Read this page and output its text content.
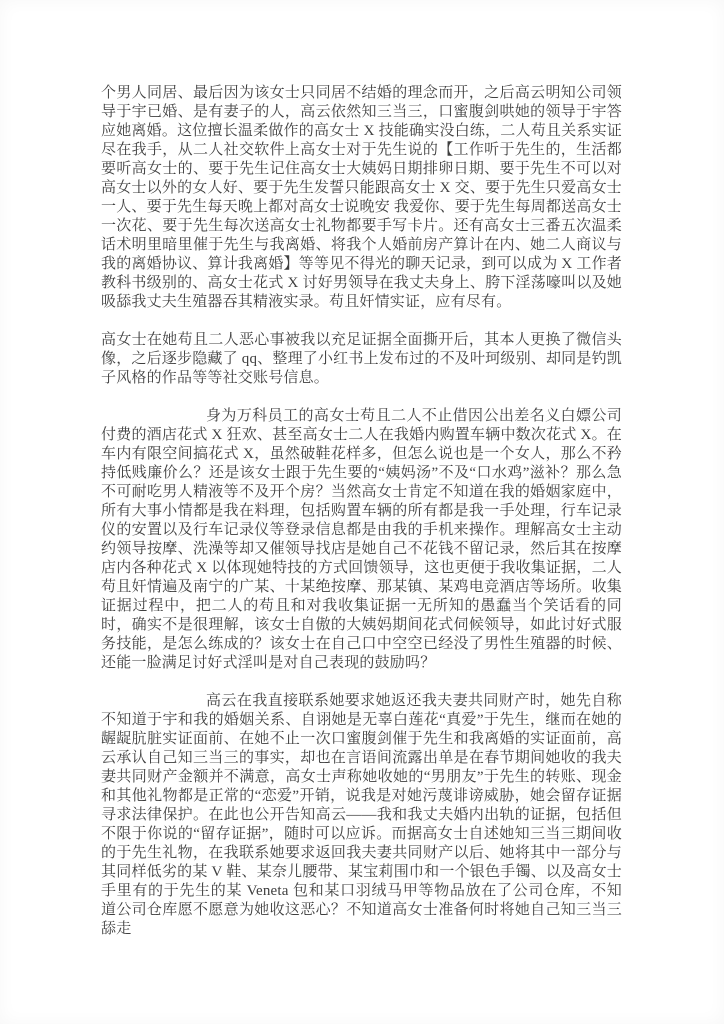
个男人同居、最后因为该女士只同居不结婚的理念而开，之后高云明知公司领导于宇已婚、是有妻子的人，高云依然知三当三，口蜜腹剑哄她的领导于宇答应她离婚。这位擅长温柔做作的高女士 X 技能确实没白练，二人苟且关系实证尽在我手，从二人社交软件上高女士对于先生说的【工作听于先生的，生活都要听高女士的、要于先生记住高女士大姨妈日期排卵日期、要于先生不可以对高女士以外的女人好、要于先生发誓只能跟高女士 X 交、要于先生只爱高女士一人、要于先生每天晚上都对高女士说晚安 我爱你、要于先生每周都送高女士一次花、要于先生每次送高女士礼物都要手写卡片。还有高女士三番五次温柔话术明里暗里催于先生与我离婚、将我个人婚前房产算计在内、她二人商议与我的离婚协议、算计我离婚】等等见不得光的聊天记录，到可以成为 X 工作者教科书级别的、高女士花式 X 讨好男领导在我丈夫身上、胯下淫荡嚎叫以及她吸舔我丈夫生殖器吞其精液实录。苟且奸情实证，应有尽有。

高女士在她苟且二人恶心事被我以充足证据全面撕开后，其本人更换了微信头像，之后逐步隐藏了 qq、整理了小红书上发布过的不及叶珂级别、却同是钓凯子风格的作品等等社交账号信息。

身为万科员工的高女士苟且二人不止借因公出差名义白嫖公司付费的酒店花式 X 狂欢、甚至高女士二人在我婚内购置车辆中数次花式 X。在车内有限空间搞花式 X，虽然破鞋花样多，但怎么说也是一个女人，那么不矜持低贱廉价么？还是该女士跟于先生要的“姨妈汤”不及“口水鸡”滋补？那么急不可耐吃男人精液等不及开个房？当然高女士肯定不知道在我的婚姻家庭中，所有大事小情都是我在料理，包括购置车辆的所有都是我一手处理，行车记录仪的安置以及行车记录仪等登录信息都是由我的手机来操作。理解高女士主动约领导按摩、洗澡等却又催领导找店是她自己不花钱不留记录，然后其在按摩店内各种花式 X 以体现她特技的方式回馈领导，这也更便于我收集证据，二人苟且奸情遍及南宁的广某、十某绝按摩、那某镇、某鸡电竞酒店等场所。收集证据过程中，把二人的苟且和对我收集证据一无所知的愚蠢当个笑话看的同时，确实不是很理解，该女士自傲的大姨妈期间花式伺候领导，如此讨好式服务技能，是怎么练成的？该女士在自己口中空空已经没了男性生殖器的时候、还能一脸满足讨好式淫叫是对自己表现的鼓励吗？

高云在我直接联系她要求她返还我夫妻共同财产时，她先自称不知道于宇和我的婚姻关系、自诩她是无辜白莲花“真爱”于先生，继而在她的龌龊肮脏实证面前、在她不止一次口蜜腹剑催于先生和我离婚的实证面前，高云承认自己知三当三的事实，却也在言语间流露出单是在春节期间她收的我夫妻共同财产金额并不满意，高女士声称她收她的“男朋友”于先生的转账、现金和其他礼物都是正常的“恋爱”开销，说我是对她污蔑诽谤威胁，她会留存证据寻求法律保护。在此也公开告知高云——我和我丈夫婚内出轨的证据，包括但不限于你说的“留存证据”，随时可以应诉。而据高女士自述她知三当三期间收的于先生礼物，在我联系她要求返回我夫妻共同财产以后、她将其中一部分与其同样低劣的某 V 鞋、某奈儿腰带、某宝莉围巾和一个银色手镯、以及高女士手里有的于先生的某 Veneta 包和某口羽绒马甲等物品放在了公司仓库，不知道公司仓库愿不愿意为她收这恶心？不知道高女士准备何时将她自己知三当三舔走
